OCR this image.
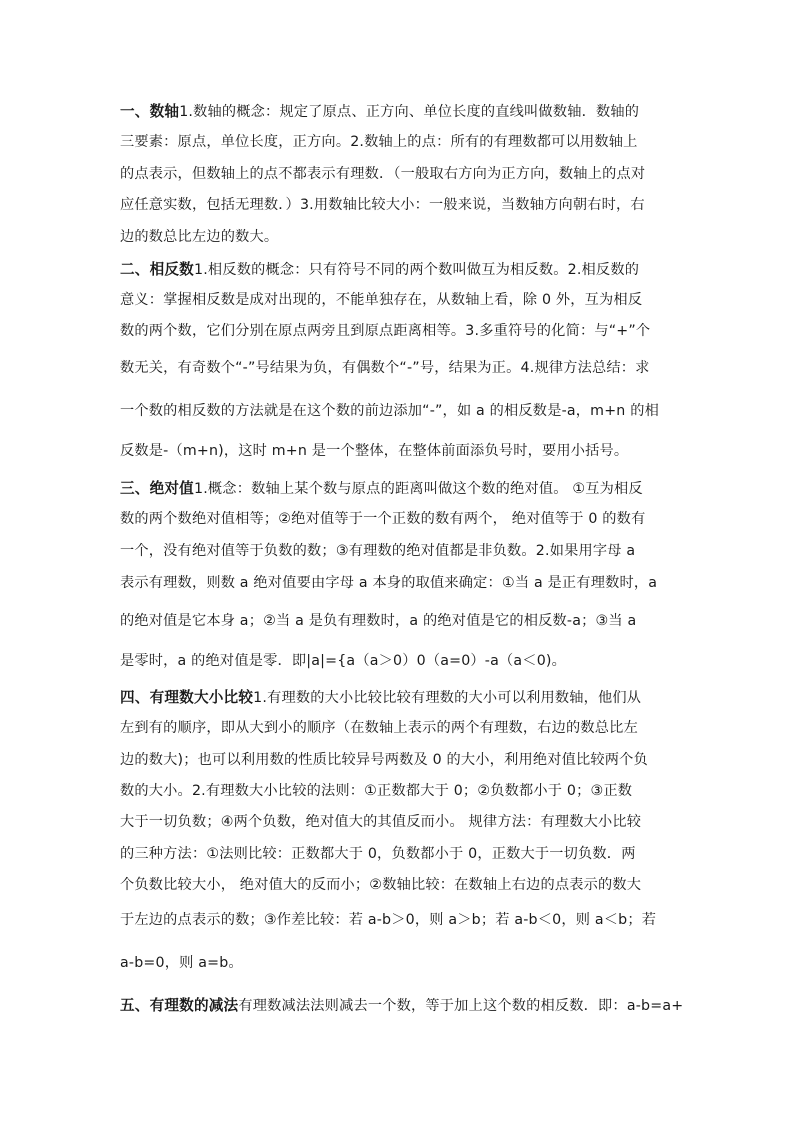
一、数轴1.数轴的概念：规定了原点、正方向、单位长度的直线叫做数轴．数轴的
三要素：原点，单位长度，正方向。2.数轴上的点：所有的有理数都可以用数轴上
的点表示，但数轴上的点不都表示有理数．（一般取右方向为正方向，数轴上的点对
应任意实数，包括无理数．）3.用数轴比较大小：一般来说，当数轴方向朝右时，右
边的数总比左边的数大。
二、相反数1.相反数的概念：只有符号不同的两个数叫做互为相反数。2.相反数的
意义：掌握相反数是成对出现的，不能单独存在，从数轴上看，除 0 外，互为相反
数的两个数，它们分别在原点两旁且到原点距离相等。3.多重符号的化简：与“+”个
数无关，有奇数个“-”号结果为负，有偶数个“-”号，结果为正。4.规律方法总结：求
一个数的相反数的方法就是在这个数的前边添加“-”，如 a 的相反数是-a，m+n 的相
反数是-（m+n)，这时 m+n 是一个整体，在整体前面添负号时，要用小括号。
三、绝对值1.概念：数轴上某个数与原点的距离叫做这个数的绝对值。 ①互为相反
数的两个数绝对值相等；②绝对值等于一个正数的数有两个， 绝对值等于 0 的数有
一个，没有绝对值等于负数的数；③有理数的绝对值都是非负数。2.如果用字母 a
表示有理数，则数 a 绝对值要由字母 a 本身的取值来确定：①当 a 是正有理数时，a
的绝对值是它本身 a；②当 a 是负有理数时，a 的绝对值是它的相反数-a；③当 a
是零时，a 的绝对值是零．即|a|={a（a＞0）0（a=0）-a（a＜0)。
四、有理数大小比较1.有理数的大小比较比较有理数的大小可以利用数轴，他们从
左到有的顺序，即从大到小的顺序（在数轴上表示的两个有理数，右边的数总比左
边的数大)；也可以利用数的性质比较异号两数及 0 的大小，利用绝对值比较两个负
数的大小。2.有理数大小比较的法则：①正数都大于 0；②负数都小于 0；③正数
大于一切负数；④两个负数，绝对值大的其值反而小。 规律方法：有理数大小比较
的三种方法：①法则比较：正数都大于 0，负数都小于 0，正数大于一切负数．两
个负数比较大小， 绝对值大的反而小；②数轴比较：在数轴上右边的点表示的数大
于左边的点表示的数；③作差比较：若 a-b＞0，则 a＞b；若 a-b＜0，则 a＜b；若
a-b=0，则 a=b。
五、有理数的减法有理数减法法则减去一个数，等于加上这个数的相反数．即：a-b=a+
